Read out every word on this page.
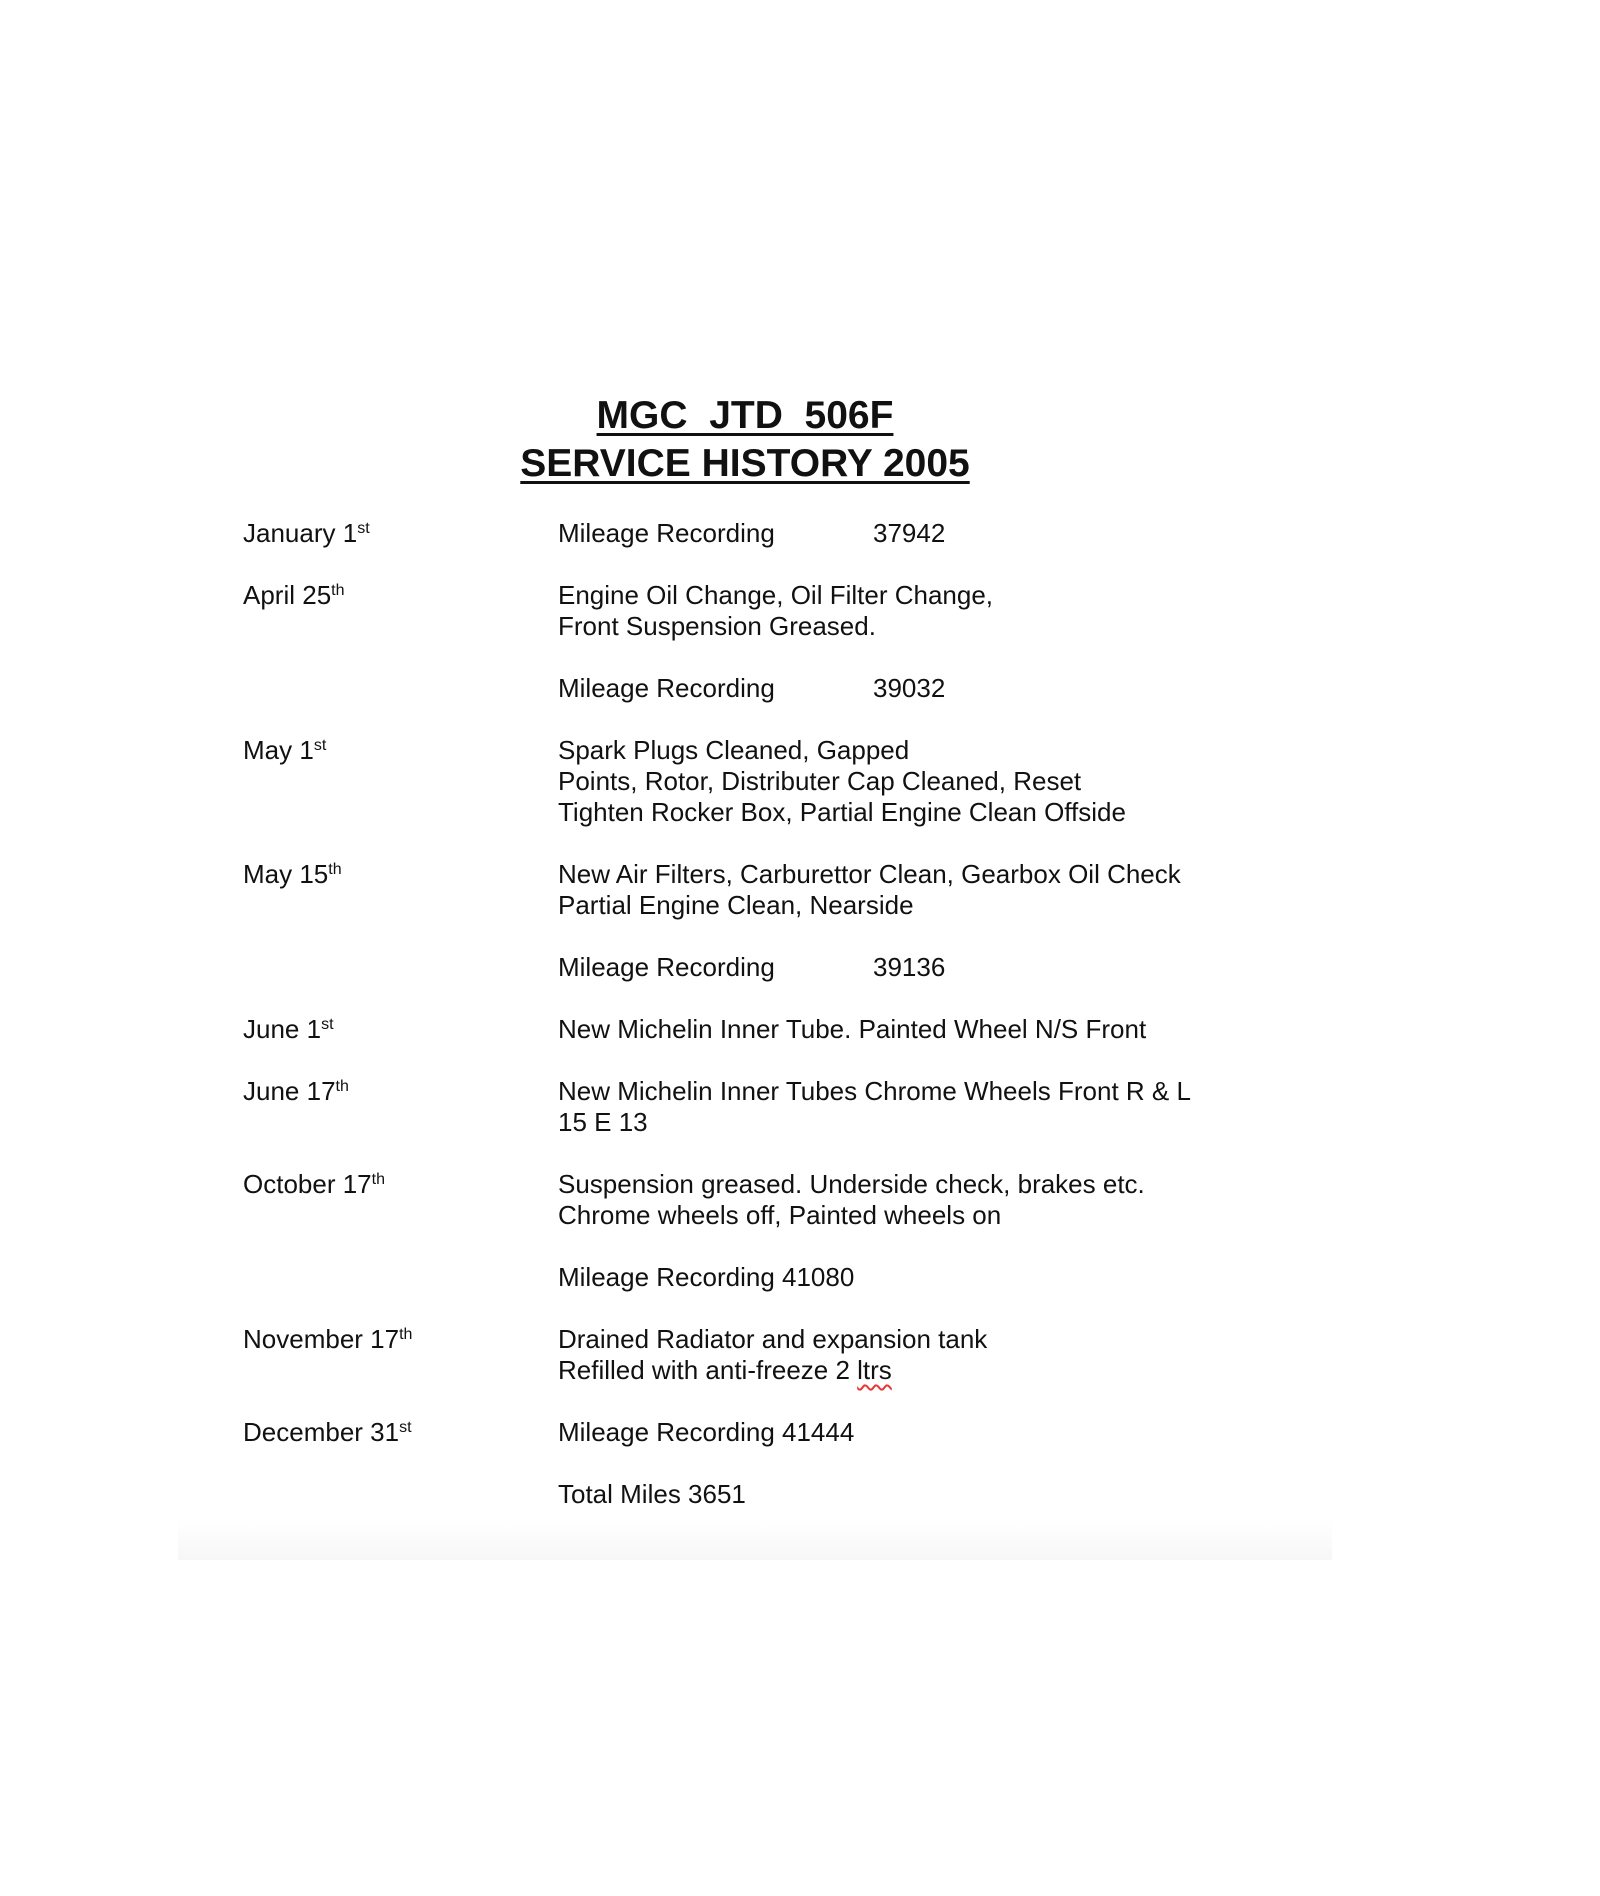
MGC  JTD  506F
SERVICE HISTORY 2005
January 1st	Mileage Recording	37942
April 25th	Engine Oil Change, Oil Filter Change,
Front Suspension Greased.
Mileage Recording	39032
May 1st	Spark Plugs Cleaned, Gapped
Points, Rotor, Distributer Cap Cleaned, Reset
Tighten Rocker Box, Partial Engine Clean Offside
May 15th	New Air Filters, Carburettor Clean, Gearbox Oil Check
Partial Engine Clean, Nearside
Mileage Recording	39136
June 1st	New Michelin Inner Tube. Painted Wheel N/S Front
June 17th	New Michelin Inner Tubes Chrome Wheels Front R & L
15 E 13
October 17th	Suspension greased. Underside check, brakes etc.
Chrome wheels off, Painted wheels on
Mileage Recording 41080
November 17th	Drained Radiator and expansion tank
Refilled with anti-freeze 2 ltrs
December 31st	Mileage Recording 41444
Total Miles 3651
